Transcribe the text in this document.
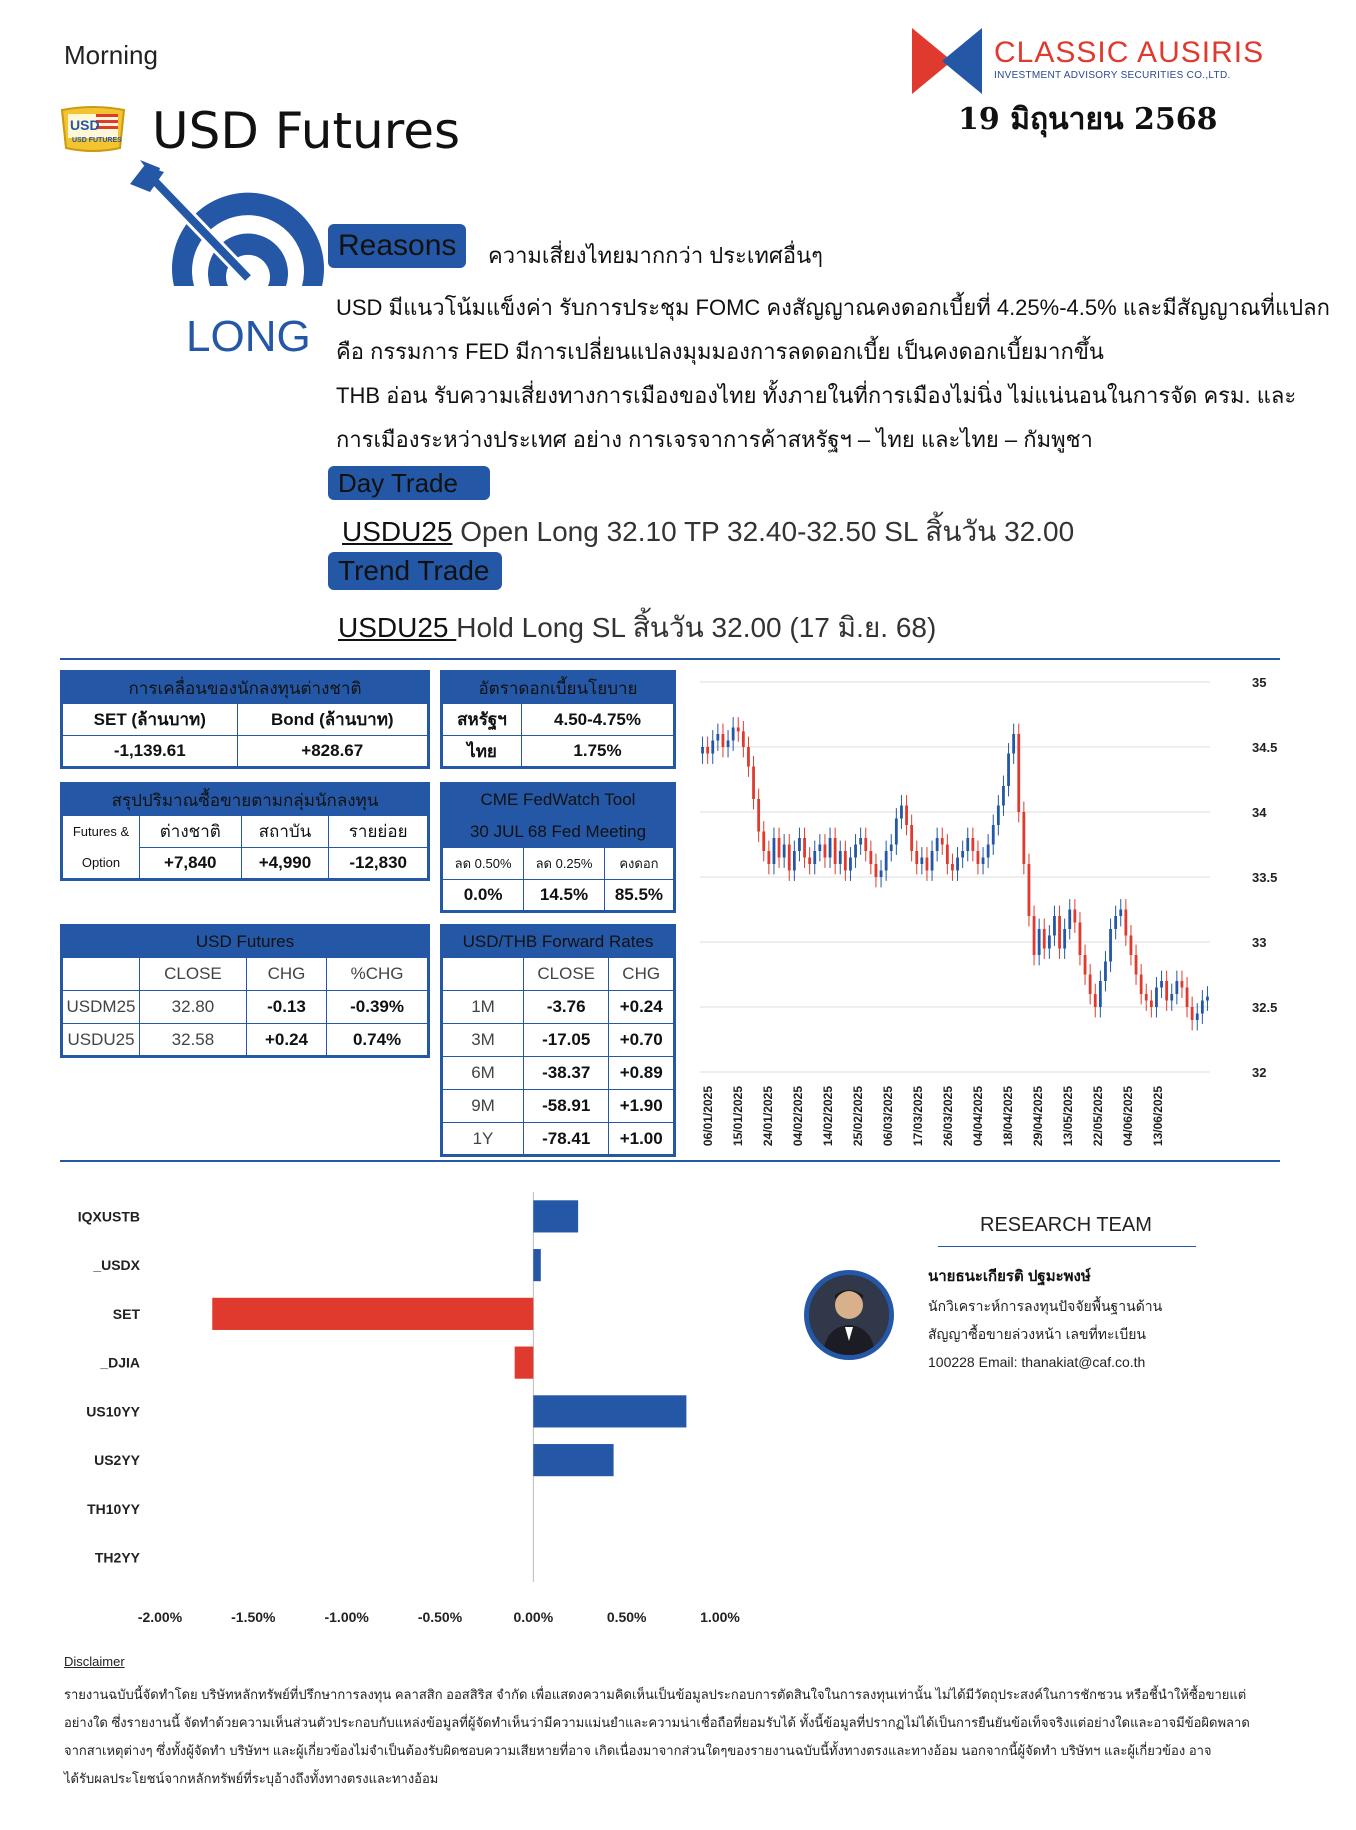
Morning
USD
USD FUTURES USD Futures
CLASSIC AUSIRIS
INVESTMENT ADVISORY SECURITIES CO.,LTD.
19 มิถุนายน 2568
LONG
Reasons	ความเสี่ยงไทยมากกว่า ประเทศอื่นๆ
USD มีแนวโน้มแข็งค่า รับการประชุม FOMC คงสัญญาณคงดอกเบี้ยที่ 4.25%-4.5% และมีสัญญาณที่แปลก
คือ กรรมการ FED มีการเปลี่ยนแปลงมุมมองการลดดอกเบี้ย เป็นคงดอกเบี้ยมากขึ้น
THB อ่อน รับความเสี่ยงทางการเมืองของไทย ทั้งภายในที่การเมืองไม่นิ่ง ไม่แน่นอนในการจัด ครม. และ
การเมืองระหว่างประเทศ อย่าง การเจรจาการค้าสหรัฐฯ – ไทย และไทย – กัมพูชา
Day Trade
USDU25 Open Long 32.10 TP 32.40-32.50 SL สิ้นวัน 32.00
Trend Trade
USDU25 Hold Long SL สิ้นวัน 32.00 (17 มิ.ย. 68)
การเคลื่อนของนักลงทุนต่างชาติ	
SET (ล้านบาท)	Bond (ล้านบาท)
-1,139.61	+828.67
อัตราดอกเบี้ยนโยบาย	
สหรัฐฯ	4.50-4.75%
ไทย	1.75%
สรุปปริมาณซื้อขายตามกลุ่มนักลงทุน			
Futures &	ต่างชาติ	สถาบัน	รายย่อย
Option	+7,840	+4,990	-12,830
CME FedWatch Tool		
30 JUL 68 Fed Meeting		
ลด 0.50%	ลด 0.25%	คงดอก
0.0%	14.5%	85.5%
USD Futures			
	CLOSE	CHG	%CHG
USDM25	32.80	-0.13	-0.39%
USDU25	32.58	+0.24	0.74%
USD/THB Forward Rates		
	CLOSE	CHG
1M	-3.76	+0.24
3M	-17.05	+0.70
6M	-38.37	+0.89
9M	-58.91	+1.90
1Y	-78.41	+1.00
35
34.5
34
33.5
33
32.5
32
06/01/2025 15/01/2025 24/01/2025 04/02/2025 14/02/2025 25/02/2025 06/03/2025 17/03/2025 26/03/2025 04/04/2025 18/04/2025 29/04/2025 13/05/2025 22/05/2025 04/06/2025 13/06/2025
IQXUSTB
_USDX
SET
_DJIA
US10YY
US2YY
TH10YY
TH2YY
-2.00%	-1.50%	-1.00%	-0.50%	0.00%	0.50%	1.00%
RESEARCH TEAM
นายธนะเกียรติ ปฐมะพงษ์
นักวิเคราะห์การลงทุนปัจจัยพื้นฐานด้าน
สัญญาซื้อขายล่วงหน้า เลขที่ทะเบียน
100228 Email: thanakiat@caf.co.th
Disclaimer
รายงานฉบับนี้จัดทำโดย บริษัทหลักทรัพย์ที่ปรึกษาการลงทุน คลาสสิก ออสสิริส จำกัด เพื่อแสดงความคิดเห็นเป็นข้อมูลประกอบการตัดสินใจในการลงทุนเท่านั้น ไม่ได้มีวัตถุประสงค์ในการชักชวน หรือชี้นำให้ซื้อขายแต่
อย่างใด ซึ่งรายงานนี้ จัดทำด้วยความเห็นส่วนตัวประกอบกับแหล่งข้อมูลที่ผู้จัดทำเห็นว่ามีความแม่นยำและความน่าเชื่อถือที่ยอมรับได้ ทั้งนี้ข้อมูลที่ปรากฏไม่ได้เป็นการยืนยันข้อเท็จจริงแต่อย่างใดและอาจมีข้อผิดพลาด
จากสาเหตุต่างๆ ซึ่งทั้งผู้จัดทำ บริษัทฯ และผู้เกี่ยวข้องไม่จำเป็นต้องรับผิดชอบความเสียหายที่อาจ เกิดเนื่องมาจากส่วนใดๆของรายงานฉบับนี้ทั้งทางตรงและทางอ้อม นอกจากนี้ผู้จัดทำ บริษัทฯ และผู้เกี่ยวข้อง อาจ
ได้รับผลประโยชน์จากหลักทรัพย์ที่ระบุอ้างถึงทั้งทางตรงและทางอ้อม
